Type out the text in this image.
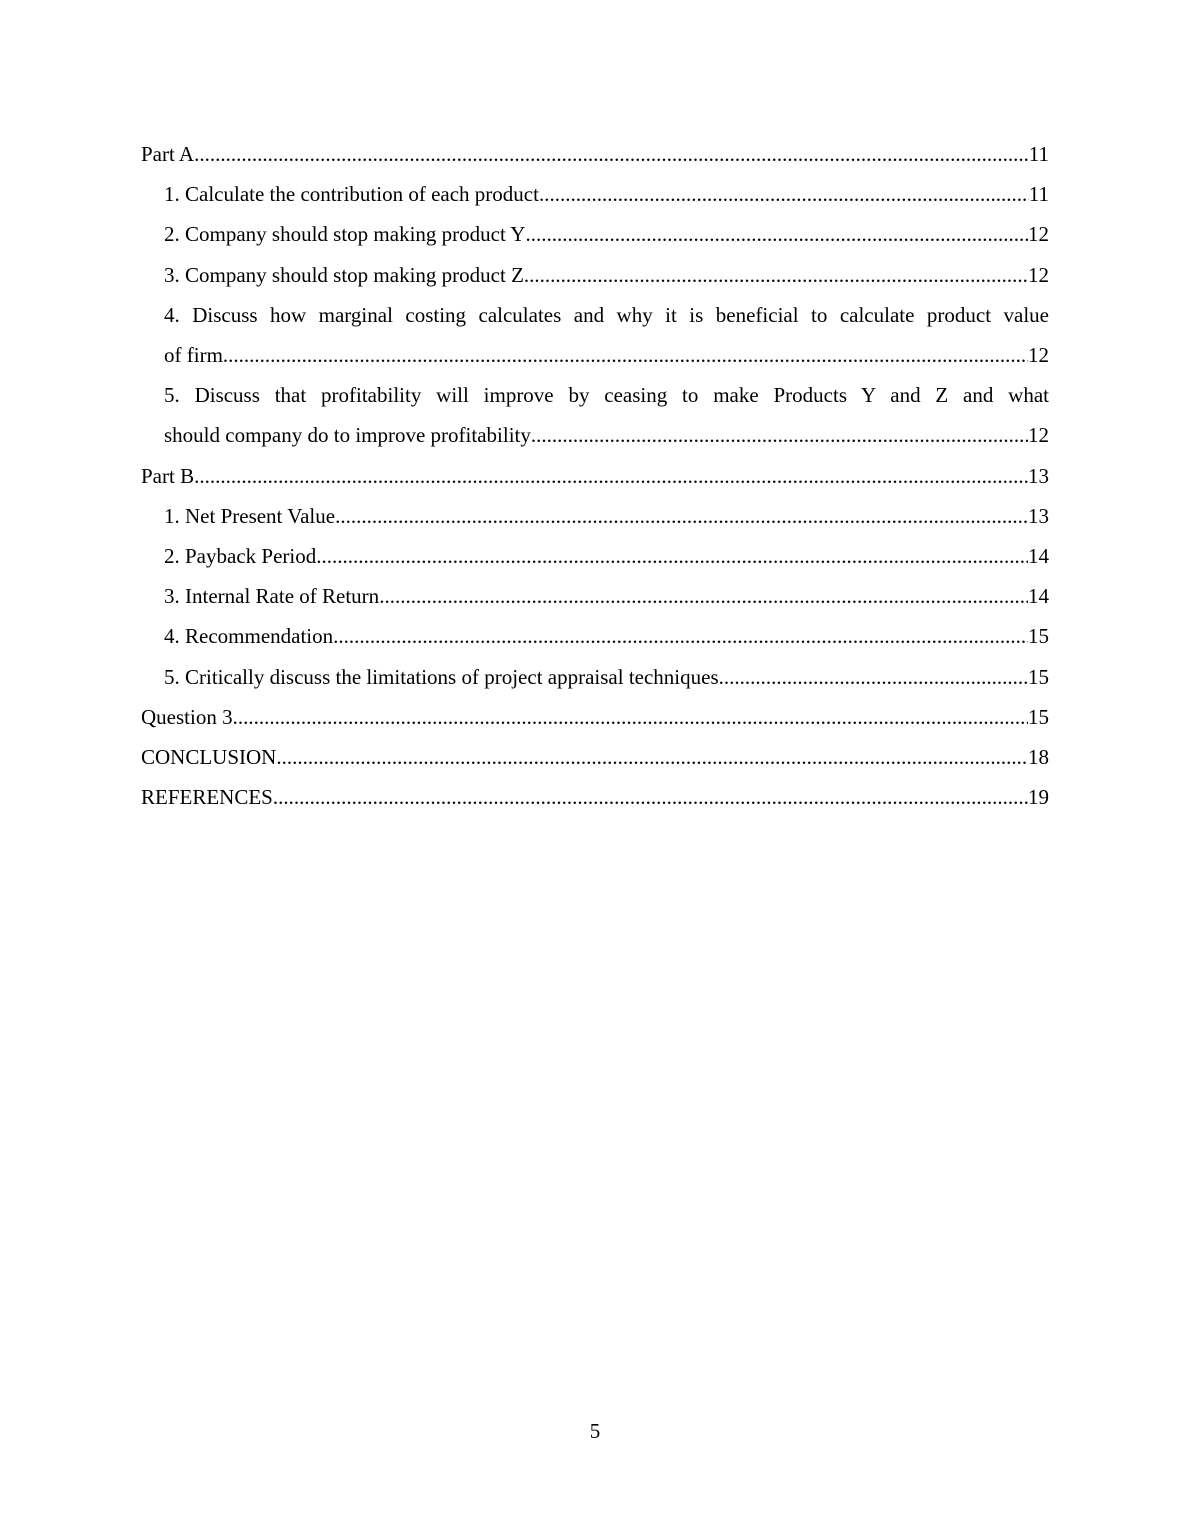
Part A .....	11
1. Calculate the contribution of each product .....	11
2. Company should stop making product Y .....	12
3. Company should stop making product Z .....	12
4. Discuss how marginal costing calculates and why it is beneficial to calculate product value
of firm .....	12
5. Discuss that profitability will improve by ceasing to make Products Y and Z and what
should company do to improve profitability .....	12
Part B .....	13
1. Net Present Value .....	13
2. Payback Period .....	14
3. Internal Rate of Return .....	14
4. Recommendation .....	15
5. Critically discuss the limitations of project appraisal techniques .....	15
Question 3 .....	15
CONCLUSION .....	18
REFERENCES .....	19
5
